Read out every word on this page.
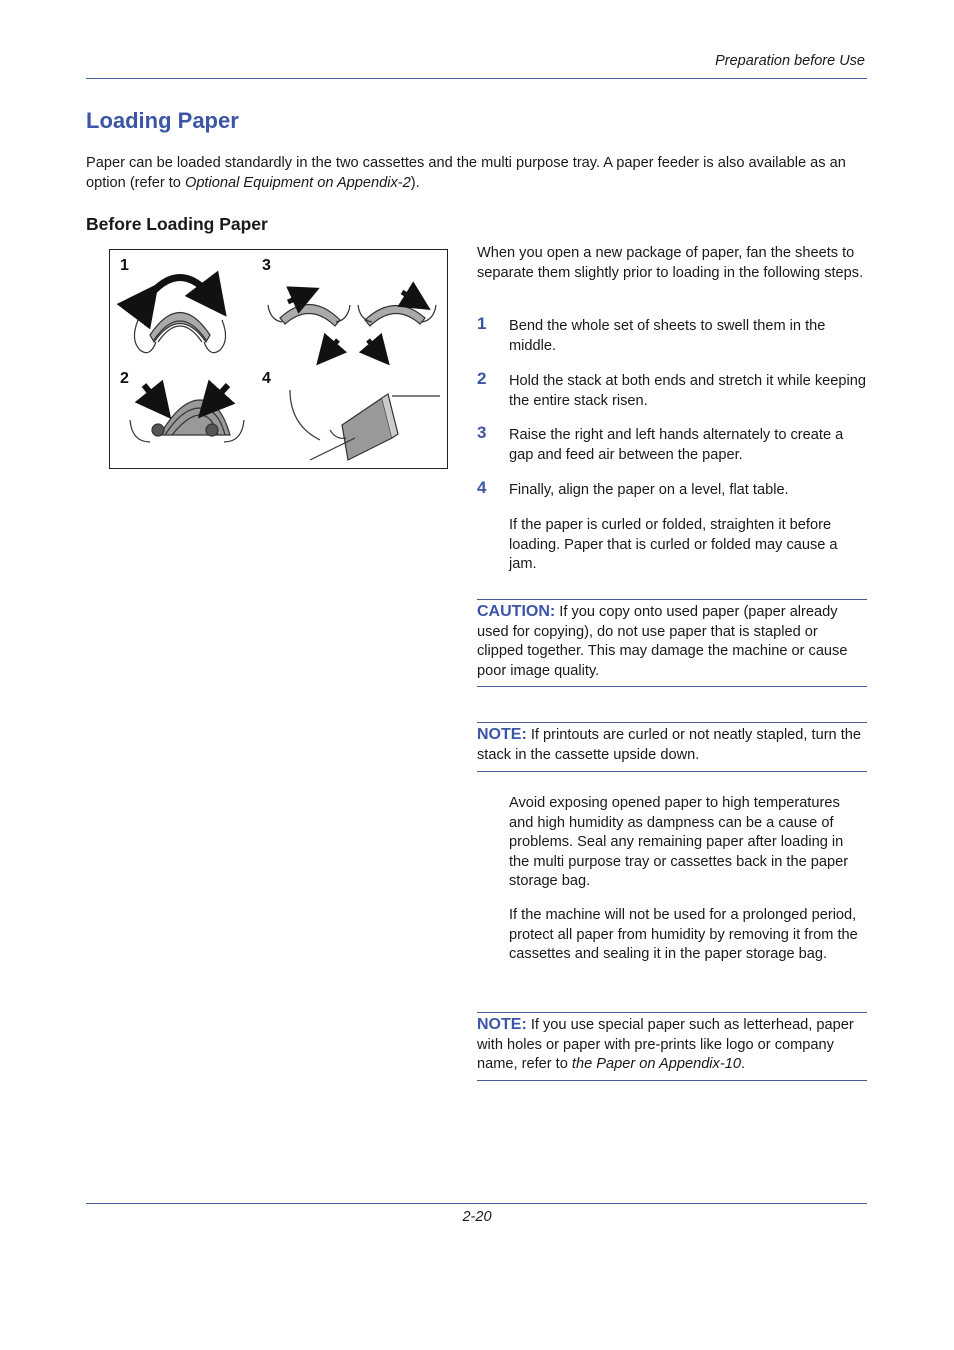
Preparation before Use
Loading Paper
Paper can be loaded standardly in the two cassettes and the multi purpose tray. A paper feeder is also available as an option (refer to Optional Equipment on Appendix-2).
Before Loading Paper
1	3
2	4
When you open a new package of paper, fan the sheets to separate them slightly prior to loading in the following steps.
1 Bend the whole set of sheets to swell them in the middle.
2 Hold the stack at both ends and stretch it while keeping the entire stack risen.
3 Raise the right and left hands alternately to create a gap and feed air between the paper.
4 Finally, align the paper on a level, flat table.
If the paper is curled or folded, straighten it before loading. Paper that is curled or folded may cause a jam.
CAUTION: If you copy onto used paper (paper already used for copying), do not use paper that is stapled or clipped together. This may damage the machine or cause poor image quality.
NOTE: If printouts are curled or not neatly stapled, turn the stack in the cassette upside down.
Avoid exposing opened paper to high temperatures and high humidity as dampness can be a cause of problems. Seal any remaining paper after loading in the multi purpose tray or cassettes back in the paper storage bag.
If the machine will not be used for a prolonged period, protect all paper from humidity by removing it from the cassettes and sealing it in the paper storage bag.
NOTE: If you use special paper such as letterhead, paper with holes or paper with pre-prints like logo or company name, refer to the Paper on Appendix-10.
2-20
